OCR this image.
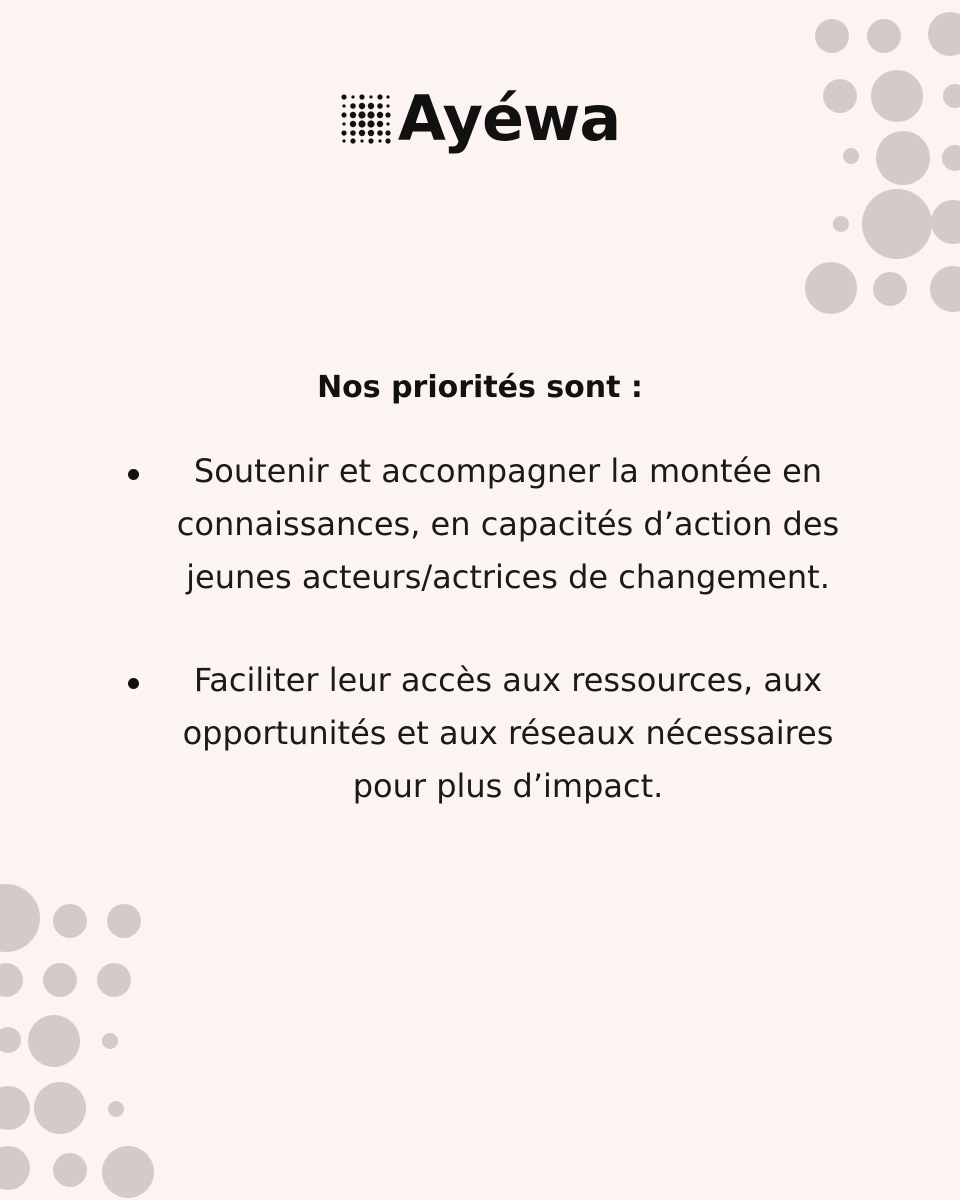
Ayéwa
Nos priorités sont :
Soutenir et accompagner la montée en connaissances, en capacités d’action des jeunes acteurs/actrices de changement.
Faciliter leur accès aux ressources, aux opportunités et aux réseaux nécessaires pour plus d’impact.
